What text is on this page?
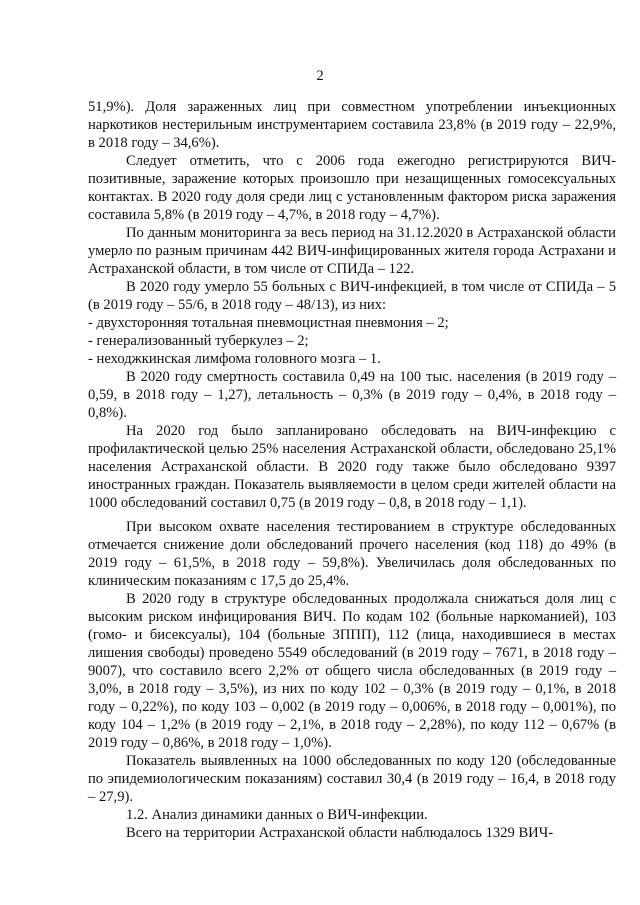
2

51,9%). Доля зараженных лиц при совместном употреблении инъекционных наркотиков нестерильным инструментарием составила 23,8% (в 2019 году – 22,9%, в 2018 году – 34,6%).

Следует отметить, что с 2006 года ежегодно регистрируются ВИЧ-позитивные, заражение которых произошло при незащищенных гомосексуальных контактах. В 2020 году доля среди лиц с установленным фактором риска заражения составила 5,8% (в 2019 году – 4,7%, в 2018 году – 4,7%).

По данным мониторинга за весь период на 31.12.2020 в Астраханской области умерло по разным причинам 442 ВИЧ-инфицированных жителя города Астрахани и Астраханской области, в том числе от СПИДа – 122.

В 2020 году умерло 55 больных с ВИЧ-инфекцией, в том числе от СПИДа – 5 (в 2019 году – 55/6, в 2018 году – 48/13), из них:

- двухсторонняя тотальная пневмоцистная пневмония – 2;

- генерализованный туберкулез – 2;

- неходжкинская лимфома головного мозга – 1.

В 2020 году смертность составила 0,49 на 100 тыс. населения (в 2019 году – 0,59, в 2018 году – 1,27), летальность – 0,3% (в 2019 году – 0,4%, в 2018 году – 0,8%).

На 2020 год было запланировано обследовать на ВИЧ-инфекцию с профилактической целью 25% населения Астраханской области, обследовано 25,1% населения Астраханской области. В 2020 году также было обследовано 9397 иностранных граждан. Показатель выявляемости в целом среди жителей области на 1000 обследований составил 0,75 (в 2019 году – 0,8, в 2018 году – 1,1).

При высоком охвате населения тестированием в структуре обследованных отмечается снижение доли обследований прочего населения (код 118) до 49% (в 2019 году – 61,5%, в 2018 году – 59,8%). Увеличилась доля обследованных по клиническим показаниям с 17,5 до 25,4%.

В 2020 году в структуре обследованных продолжала снижаться доля лиц с высоким риском инфицирования ВИЧ. По кодам 102 (больные наркоманией), 103 (гомо- и бисексуалы), 104 (больные ЗППП), 112 (лица, находившиеся в местах лишения свободы) проведено 5549 обследований (в 2019 году – 7671, в 2018 году – 9007), что составило всего 2,2% от общего числа обследованных (в 2019 году – 3,0%, в 2018 году – 3,5%), из них по коду 102 – 0,3% (в 2019 году – 0,1%, в 2018 году – 0,22%), по коду 103 – 0,002 (в 2019 году – 0,006%, в 2018 году – 0,001%), по коду 104 – 1,2% (в 2019 году – 2,1%, в 2018 году – 2,28%), по коду 112 – 0,67% (в 2019 году – 0,86%, в 2018 году – 1,0%).

Показатель выявленных на 1000 обследованных по коду 120 (обследованные по эпидемиологическим показаниям) составил 30,4 (в 2019 году – 16,4, в 2018 году – 27,9).

1.2. Анализ динамики данных о ВИЧ-инфекции.

Всего на территории Астраханской области наблюдалось 1329 ВИЧ-
